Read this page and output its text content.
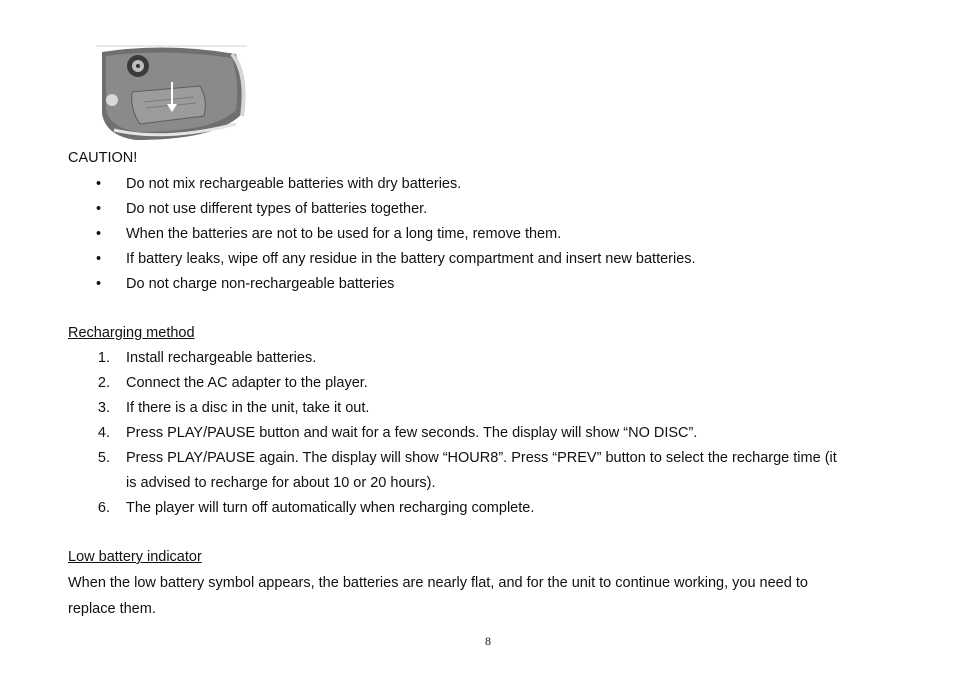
CAUTION!
• Do not mix rechargeable batteries with dry batteries.
• Do not use different types of batteries together.
• When the batteries are not to be used for a long time, remove them.
• If battery leaks, wipe off any residue in the battery compartment and insert new batteries.
• Do not charge non-rechargeable batteries
Recharging method
1. Install rechargeable batteries.
2. Connect the AC adapter to the player.
3. If there is a disc in the unit, take it out.
4. Press PLAY/PAUSE button and wait for a few seconds. The display will show “NO DISC”.
5. Press PLAY/PAUSE again. The display will show “HOUR8”. Press “PREV” button to select the recharge time (it
is advised to recharge for about 10 or 20 hours).
6. The player will turn off automatically when recharging complete.
Low battery indicator
When the low battery symbol appears, the batteries are nearly flat, and for the unit to continue working, you need to
replace them.
8
